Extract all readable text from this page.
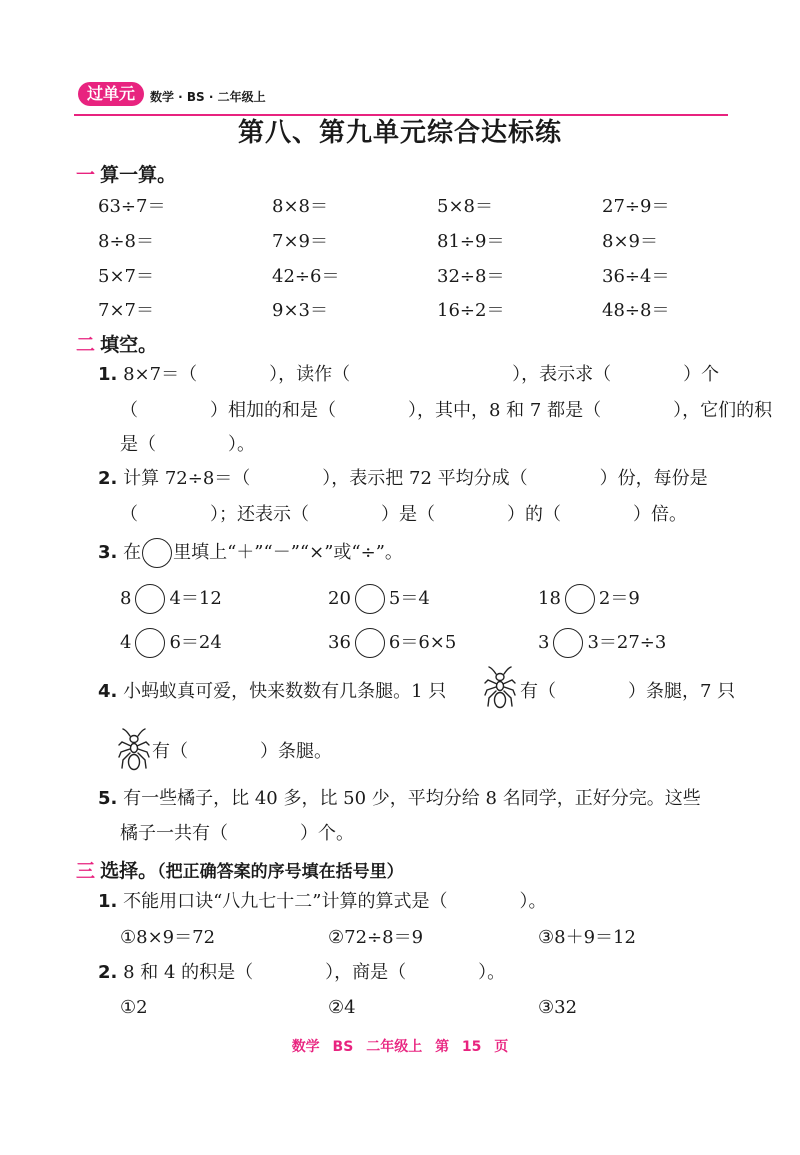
过单元	数学 · BS · 二年级上
第八、第九单元综合达标练
一 算一算。
63÷7＝	8×8＝	5×8＝	27÷9＝
8÷8＝	7×9＝	81÷9＝	8×9＝
5×7＝	42÷6＝	32÷8＝	36÷4＝
7×7＝	9×3＝	16÷2＝	48÷8＝
二 填空。
1. 8×7＝（　　　　），读作（　　　　　　　　　），表示求（　　　　）个
（　　　　）相加的和是（　　　　），其中，8 和 7 都是（　　　　），它们的积
是（　　　　）。
2. 计算 72÷8＝（　　　　），表示把 72 平均分成（　　　　）份，每份是
（　　　　）；还表示（　　　　）是（　　　　）的（　　　　）倍。
3. 在 里填上“＋”“－”“×”或“÷”。
8 4＝12	20 5＝4	18 2＝9
4 6＝24	36 6＝6×5	3 3＝27÷3
4. 小蚂蚁真可爱，快来数数有几条腿。1 只	有（　　　　）条腿，7 只
有（　　　　）条腿。
5. 有一些橘子，比 40 多，比 50 少，平均分给 8 名同学，正好分完。这些
橘子一共有（　　　　）个。
三 选择。（把正确答案的序号填在括号里）
1. 不能用口诀“八九七十二”计算的算式是（　　　　）。
①8×9＝72	②72÷8＝9	③8＋9＝12
2. 8 和 4 的积是（　　　　），商是（　　　　）。
①2	②4	③32
数学 BS 二年级上 第 15 页
